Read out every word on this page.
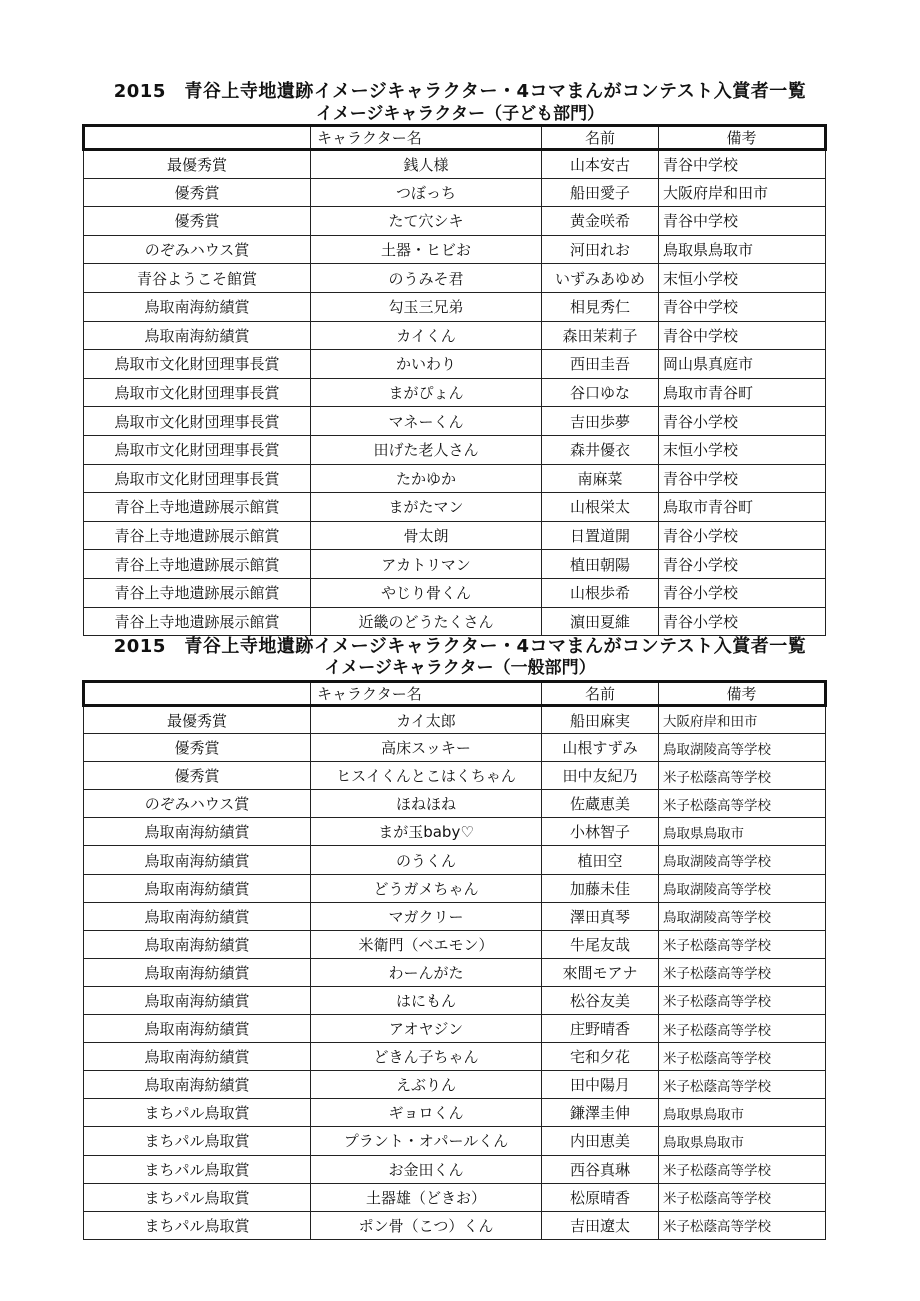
2015　青谷上寺地遺跡イメージキャラクター・4コマまんがコンテスト入賞者一覧
イメージキャラクター（子ども部門）
	キャラクター名	名前	備考
最優秀賞	銭人様	山本安古	青谷中学校
優秀賞	つぼっち	船田愛子	大阪府岸和田市
優秀賞	たて穴シキ	黄金咲希	青谷中学校
のぞみハウス賞	土器・ヒビお	河田れお	鳥取県鳥取市
青谷ようこそ館賞	のうみそ君	いずみあゆめ	末恒小学校
鳥取南海紡績賞	勾玉三兄弟	相見秀仁	青谷中学校
鳥取南海紡績賞	カイくん	森田茉莉子	青谷中学校
鳥取市文化財団理事長賞	かいわり	西田圭吾	岡山県真庭市
鳥取市文化財団理事長賞	まがぴょん	谷口ゆな	鳥取市青谷町
鳥取市文化財団理事長賞	マネーくん	吉田歩夢	青谷小学校
鳥取市文化財団理事長賞	田げた老人さん	森井優衣	末恒小学校
鳥取市文化財団理事長賞	たかゆか	南麻菜	青谷中学校
青谷上寺地遺跡展示館賞	まがたマン	山根栄太	鳥取市青谷町
青谷上寺地遺跡展示館賞	骨太朗	日置道開	青谷小学校
青谷上寺地遺跡展示館賞	アカトリマン	植田朝陽	青谷小学校
青谷上寺地遺跡展示館賞	やじり骨くん	山根歩希	青谷小学校
青谷上寺地遺跡展示館賞	近畿のどうたくさん	濵田夏維	青谷小学校
2015　青谷上寺地遺跡イメージキャラクター・4コマまんがコンテスト入賞者一覧
イメージキャラクター（一般部門）
	キャラクター名	名前	備考
最優秀賞	カイ太郎	船田麻実	大阪府岸和田市
優秀賞	高床スッキー	山根すずみ	鳥取湖陵高等学校
優秀賞	ヒスイくんとこはくちゃん	田中友紀乃	米子松蔭高等学校
のぞみハウス賞	ほねほね	佐蔵恵美	米子松蔭高等学校
鳥取南海紡績賞	まが玉baby♡	小林智子	鳥取県鳥取市
鳥取南海紡績賞	のうくん	植田空	鳥取湖陵高等学校
鳥取南海紡績賞	どうガメちゃん	加藤未佳	鳥取湖陵高等学校
鳥取南海紡績賞	マガクリー	澤田真琴	鳥取湖陵高等学校
鳥取南海紡績賞	米衛門（ベエモン）	牛尾友哉	米子松蔭高等学校
鳥取南海紡績賞	わーんがた	來間モアナ	米子松蔭高等学校
鳥取南海紡績賞	はにもん	松谷友美	米子松蔭高等学校
鳥取南海紡績賞	アオヤジン	庄野晴香	米子松蔭高等学校
鳥取南海紡績賞	どきん子ちゃん	宅和夕花	米子松蔭高等学校
鳥取南海紡績賞	えぶりん	田中陽月	米子松蔭高等学校
まちパル鳥取賞	ギョロくん	鎌澤圭伸	鳥取県鳥取市
まちパル鳥取賞	プラント・オパールくん	内田恵美	鳥取県鳥取市
まちパル鳥取賞	お金田くん	西谷真琳	米子松蔭高等学校
まちパル鳥取賞	土器雄（どきお）	松原晴香	米子松蔭高等学校
まちパル鳥取賞	ポン骨（こつ）くん	吉田遼太	米子松蔭高等学校
